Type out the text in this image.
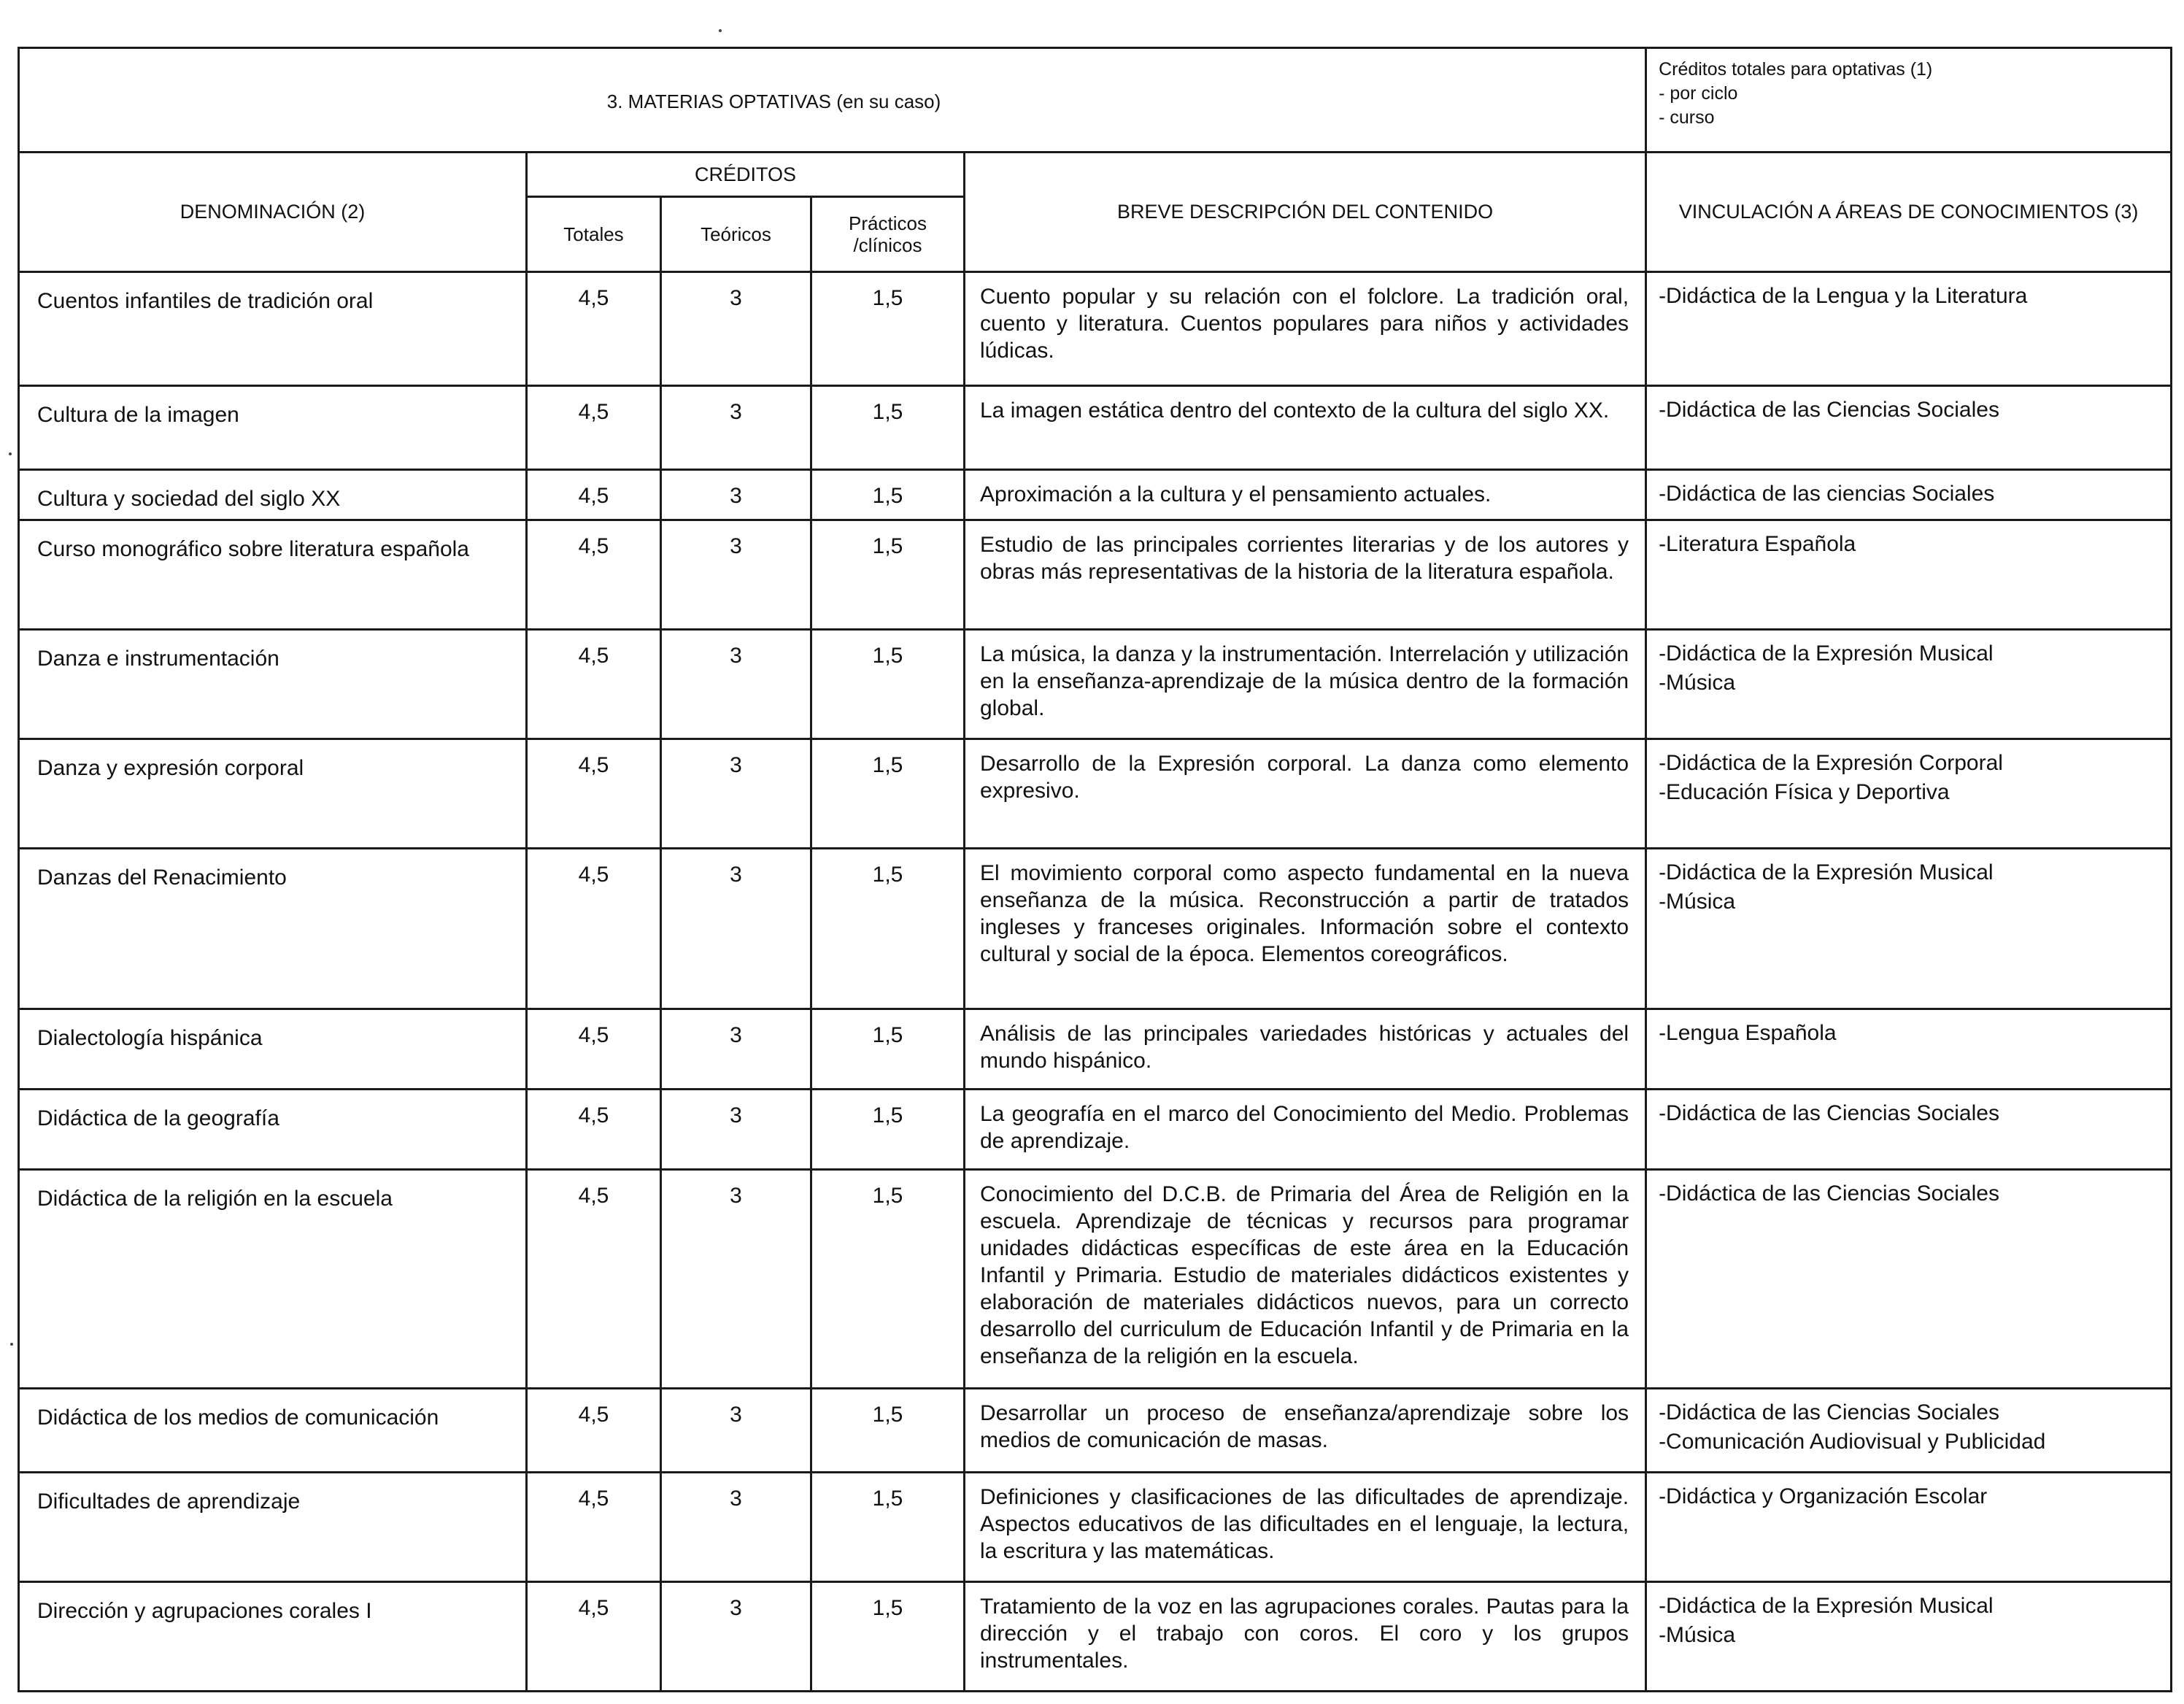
3. MATERIAS OPTATIVAS (en su caso)					Créditos totales para optativas (1)
- por ciclo
- curso

DENOMINACIÓN (2)	CRÉDITOS			BREVE DESCRIPCIÓN DEL CONTENIDO	VINCULACIÓN A ÁREAS DE CONOCIMIENTOS (3)
	Totales	Teóricos	Prácticos /clínicos		
Cuentos infantiles de tradición oral	4,5	3	1,5	Cuento popular y su relación con el folclore. La tradición oral, cuento y literatura. Cuentos populares para niños y actividades lúdicas.	-Didáctica de la Lengua y la Literatura

Cultura de la imagen	4,5	3	1,5	La imagen estática dentro del contexto de la cultura del siglo XX.	-Didáctica de las Ciencias Sociales

Cultura y sociedad del siglo XX	4,5	3	1,5	Aproximación a la cultura y el pensamiento actuales.	-Didáctica de las ciencias Sociales

Curso monográfico sobre literatura española	4,5	3	1,5	Estudio de las principales corrientes literarias y de los autores y obras más representativas de la historia de la literatura española.	-Literatura Española

Danza e instrumentación	4,5	3	1,5	La música, la danza y la instrumentación. Interrelación y utilización en la enseñanza-aprendizaje de la música dentro de la formación global.	-Didáctica de la Expresión Musical
-Música

Danza y expresión corporal	4,5	3	1,5	Desarrollo de la Expresión corporal. La danza como elemento expresivo.	-Didáctica de la Expresión Corporal
-Educación Física y Deportiva

Danzas del Renacimiento	4,5	3	1,5	El movimiento corporal como aspecto fundamental en la nueva enseñanza de la música. Reconstrucción a partir de tratados ingleses y franceses originales. Información sobre el contexto cultural y social de la época. Elementos coreográficos.	-Didáctica de la Expresión Musical
-Música

Dialectología hispánica	4,5	3	1,5	Análisis de las principales variedades históricas y actuales del mundo hispánico.	-Lengua Española

Didáctica de la geografía	4,5	3	1,5	La geografía en el marco del Conocimiento del Medio. Problemas de aprendizaje.	-Didáctica de las Ciencias Sociales

Didáctica de la religión en la escuela	4,5	3	1,5	Conocimiento del D.C.B. de Primaria del Área de Religión en la escuela. Aprendizaje de técnicas y recursos para programar unidades didácticas específicas de este área en la Educación Infantil y Primaria. Estudio de materiales didácticos existentes y elaboración de materiales didácticos nuevos, para un correcto desarrollo del curriculum de Educación Infantil y de Primaria en la enseñanza de la religión en la escuela.	-Didáctica de las Ciencias Sociales

Didáctica de los medios de comunicación	4,5	3	1,5	Desarrollar un proceso de enseñanza/aprendizaje sobre los medios de comunicación de masas.	-Didáctica de las Ciencias Sociales
-Comunicación Audiovisual y Publicidad

Dificultades de aprendizaje	4,5	3	1,5	Definiciones y clasificaciones de las dificultades de aprendizaje. Aspectos educativos de las dificultades en el lenguaje, la lectura, la escritura y las matemáticas.	-Didáctica y Organización Escolar

Dirección y agrupaciones corales I	4,5	3	1,5	Tratamiento de la voz en las agrupaciones corales. Pautas para la dirección y el trabajo con coros. El coro y los grupos instrumentales.	-Didáctica de la Expresión Musical
-Música
